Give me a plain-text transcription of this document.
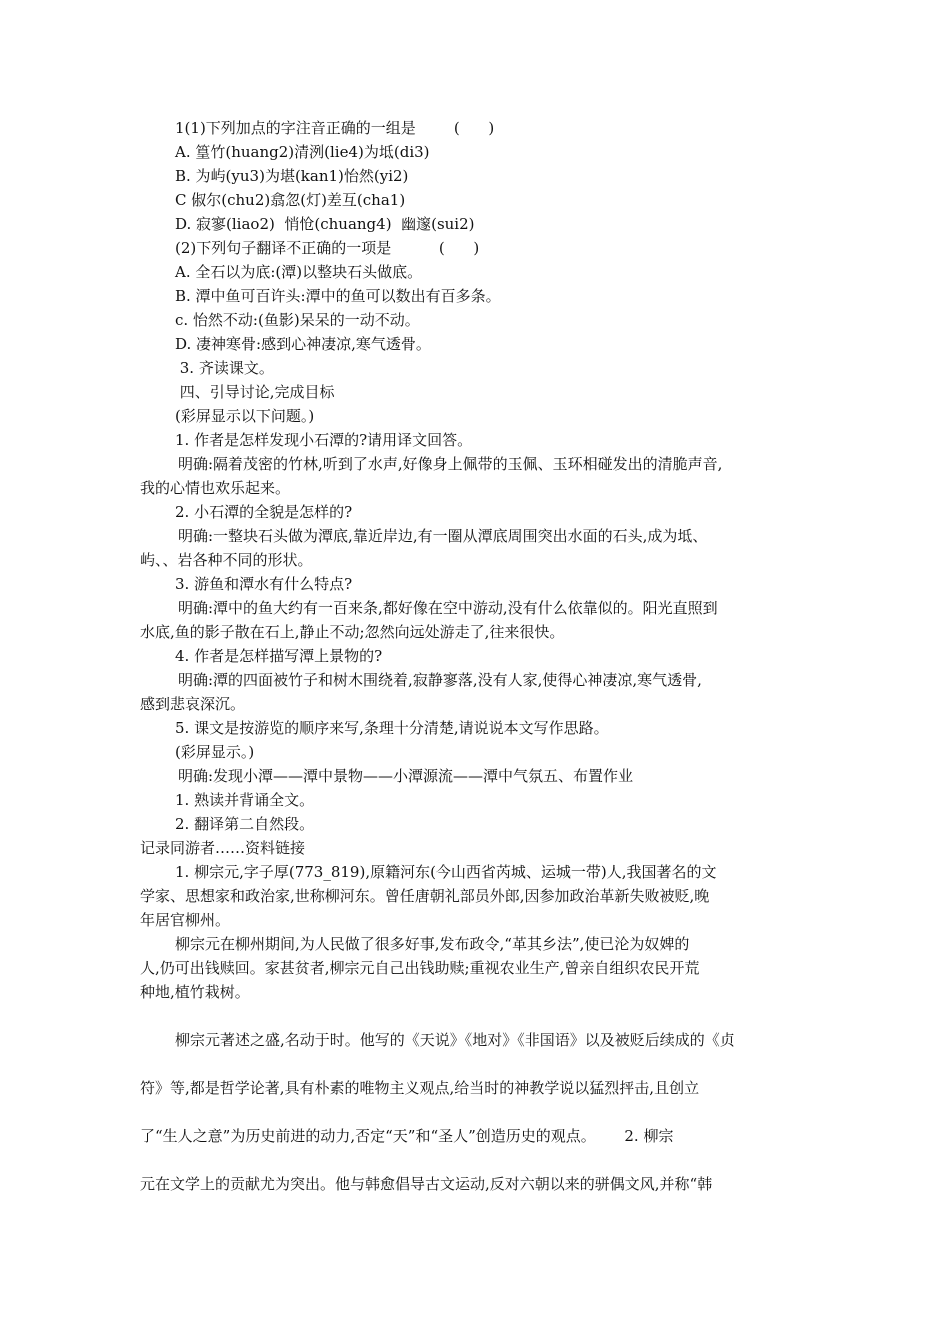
1(1)下列加点的字注音正确的一组是        (      )
A. 篁竹(huang2)清洌(lie4)为坻(di3)
B. 为屿(yu3)为堪(kan1)怡然(yi2)
C 俶尔(chu2)翕忽(灯)差互(cha1)
D. 寂寥(liao2)  悄怆(chuang4)  幽邃(sui2)
(2)下列句子翻译不正确的一项是          (      )
A. 全石以为底:(潭)以整块石头做底。
B. 潭中鱼可百许头:潭中的鱼可以数出有百多条。
c. 怡然不动:(鱼影)呆呆的一动不动。
D. 凄神寒骨:感到心神凄凉,寒气透骨。
3. 齐读课文。
四、引导讨论,完成目标
(彩屏显示以下问题。)
1. 作者是怎样发现小石潭的?请用译文回答。
明确:隔着茂密的竹林,听到了水声,好像身上佩带的玉佩、玉环相碰发出的清脆声音,
我的心情也欢乐起来。
2. 小石潭的全貌是怎样的?
明确:一整块石头做为潭底,靠近岸边,有一圈从潭底周围突出水面的石头,成为坻、
屿、、岩各种不同的形状。
3. 游鱼和潭水有什么特点?
明确:潭中的鱼大约有一百来条,都好像在空中游动,没有什么依靠似的。阳光直照到
水底,鱼的影子散在石上,静止不动;忽然向远处游走了,往来很快。
4. 作者是怎样描写潭上景物的?
明确:潭的四面被竹子和树木围绕着,寂静寥落,没有人家,使得心神凄凉,寒气透骨,
感到悲哀深沉。
5. 课文是按游览的顺序来写,条理十分清楚,请说说本文写作思路。
(彩屏显示。)
明确:发现小潭——潭中景物——小潭源流——潭中气氛五、布置作业
1. 熟读并背诵全文。
2. 翻译第二自然段。
记录同游者……资料链接
1. 柳宗元,字子厚(773_819),原籍河东(今山西省芮城、运城一带)人,我国著名的文
学家、思想家和政治家,世称柳河东。曾任唐朝礼部员外郎,因参加政治革新失败被贬,晚
年居官柳州。
柳宗元在柳州期间,为人民做了很多好事,发布政令,“革其乡法”,使已沦为奴婢的
人,仍可出钱赎回。家甚贫者,柳宗元自己出钱助赎;重视农业生产,曾亲自组织农民开荒
种地,植竹栽树。
柳宗元著述之盛,名动于时。他写的《天说》《地对》《非国语》以及被贬后续成的《贞
符》等,都是哲学论著,具有朴素的唯物主义观点,给当时的神教学说以猛烈抨击,且创立
了“生人之意”为历史前进的动力,否定“天”和“圣人”创造历史的观点。      2. 柳宗
元在文学上的贡献尤为突出。他与韩愈倡导古文运动,反对六朝以来的骈偶文风,并称“韩
